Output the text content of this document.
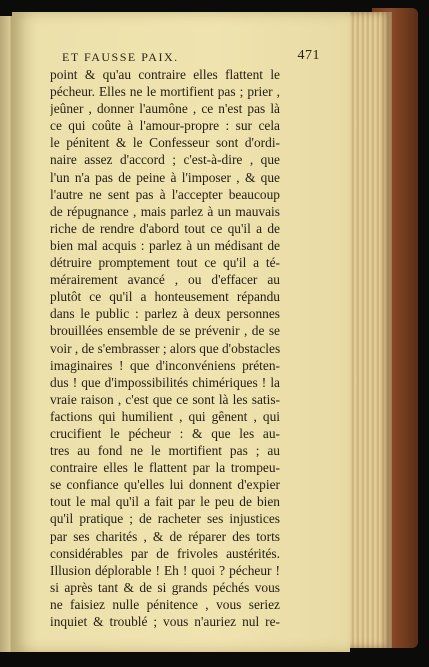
ET FAUSSE PAIX.	471
point & qu'au contraire elles flattent le
pécheur. Elles ne le mortifient pas ; prier ,
jeûner , donner l'aumône , ce n'est pas là
ce qui coûte à l'amour-propre : sur cela
le pénitent & le Confesseur sont d'ordi-
naire assez d'accord ; c'est-à-dire , que
l'un n'a pas de peine à l'imposer , & que
l'autre ne sent pas à l'accepter beaucoup
de répugnance , mais parlez à un mauvais
riche de rendre d'abord tout ce qu'il a de
bien mal acquis : parlez à un médisant de
détruire promptement tout ce qu'il a té-
mérairement avancé , ou d'effacer au
plutôt ce qu'il a honteusement répandu
dans le public : parlez à deux personnes
brouillées ensemble de se prévenir , de se
voir , de s'embrasser ; alors que d'obstacles
imaginaires ! que d'inconvéniens préten-
dus ! que d'impossibilités chimériques ! la
vraie raison , c'est que ce sont là les satis-
factions qui humilient , qui gênent , qui
crucifient le pécheur : & que les au-
tres au fond ne le mortifient pas ; au
contraire elles le flattent par la trompeu-
se confiance qu'elles lui donnent d'expier
tout le mal qu'il a fait par le peu de bien
qu'il pratique ; de racheter ses injustices
par ses charités , & de réparer des torts
considérables par de frivoles austérités.
Illusion déplorable ! Eh ! quoi ? pécheur !
si après tant & de si grands péchés vous
ne faisiez nulle pénitence , vous seriez
inquiet & troublé ; vous n'auriez nul re-
